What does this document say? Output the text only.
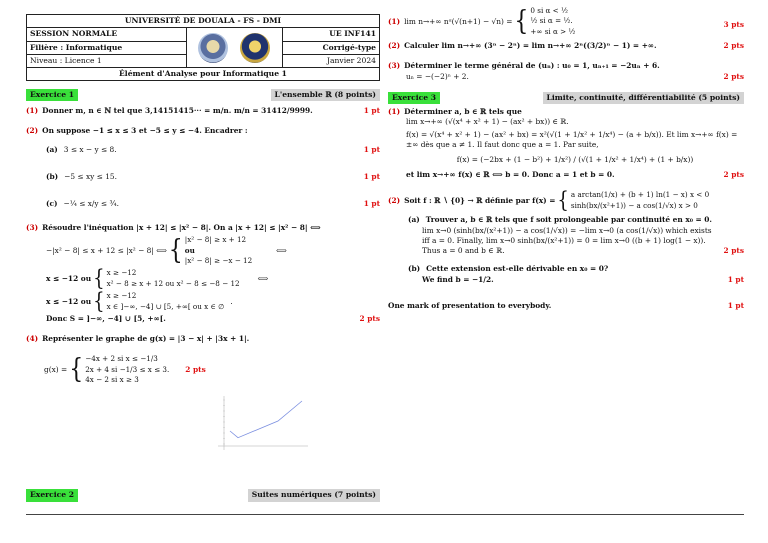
UNIVERSITÉ DE DOUALA - FS - DMI		
SESSION NORMALE		UE INF141
Filière : Informatique		Corrigé-type
Niveau : Licence 1		Janvier 2024
Élément d'Analyse pour Informatique 1		
Exercice 1	L'ensemble ℝ (8 points)
(1) Donner m, n ∈ ℕ tel que 3,14151415··· = m/n. m/n = 31412/9999.	1 pt
(2) On suppose −1 ≤ x ≤ 3 et −5 ≤ y ≤ −4. Encadrer :
(a) 3 ≤ x − y ≤ 8.	1 pt
(b) −5 ≤ xy ≤ 15.	1 pt
(c) −¼ ≤ x/y ≤ ¾.	1 pt
(3) Résoudre l'inéquation |x + 12| ≤ |x² − 8|. On a |x + 12| ≤ |x² − 8| ⟺
−|x² − 8| ≤ x + 12 ≤ |x² − 8| ⟺ { |x² − 8| ≥ x + 12
ou
|x² − 8| ≥ −x − 12
⟺
x ≤ −12 ou { x ≥ −12
x² − 8 ≥ x + 12 ou x² − 8 ≤ −8 − 12
⟺
x ≤ −12 ou { x ≥ −12
x ∈ ]−∞, −4] ∪ [5, +∞[ ou x ∈ ∅
.
Donc S = ]−∞, −4] ∪ [5, +∞[.	2 pts
(4) Représenter le graphe de g(x) = |3 − x| + |3x + 1|.
g(x) = { −4x + 2 si x ≤ −1/3
2x + 4 si −1/3 ≤ x ≤ 3.
4x − 2 si x ≥ 3
2 pts
Exercice 2	Suites numériques (7 points)
(1) lim n→+∞ nᵅ(√(n+1) − √n) = { 0 si α < ½
½ si α = ½.
+∞ si α > ½
3 pts
(2) Calculer lim n→+∞ (3ⁿ − 2ⁿ) = lim n→+∞ 2ⁿ((3/2)ⁿ − 1) = +∞.	2 pts
(3) Déterminer le terme général de (uₙ) : u₀ = 1, uₙ₊₁ = −2uₙ + 6.
uₙ = −(−2)ⁿ + 2.	2 pts
Exercice 3	Limite, continuité, différentiabilité (5 points)
(1) Déterminer a, b ∈ ℝ tels que
lim x→+∞ (√(x⁴ + x² + 1) − (ax² + bx)) ∈ ℝ.
f(x) = √(x⁴ + x² + 1) − (ax² + bx) = x²(√(1 + 1/x² + 1/x⁴) − (a + b/x)). Et lim x→+∞ f(x) = ±∞ dès que a ≠ 1. Il faut donc que a = 1. Par suite,
f(x) = (−2bx + (1 − b²) + 1/x²) / (√(1 + 1/x² + 1/x⁴) + (1 + b/x))
et lim x→+∞ f(x) ∈ ℝ ⟺ b = 0. Donc a = 1 et b = 0.	2 pts
(2) Soit f : ℝ ∖ {0} → ℝ définie par f(x) = { a arctan(1/x) + (b + 1) ln(1 − x) x < 0
sinh(bx/(x²+1)) − a cos(1/√x) x > 0
(a) Trouver a, b ∈ ℝ tels que f soit prolongeable par continuité en x₀ = 0.
lim x→0 (sinh(bx/(x²+1)) − a cos(1/√x)) = −lim x→0 (a cos(1/√x)) which exists iff a = 0. Finally, lim x→0 sinh(bx/(x²+1)) = 0 = lim x→0 ((b + 1) log(1 − x)). Thus a = 0 and b ∈ ℝ.	2 pts
(b) Cette extension est-elle dérivable en x₀ = 0?
We find b = −1/2.	1 pt
One mark of presentation to everybody.	1 pt
